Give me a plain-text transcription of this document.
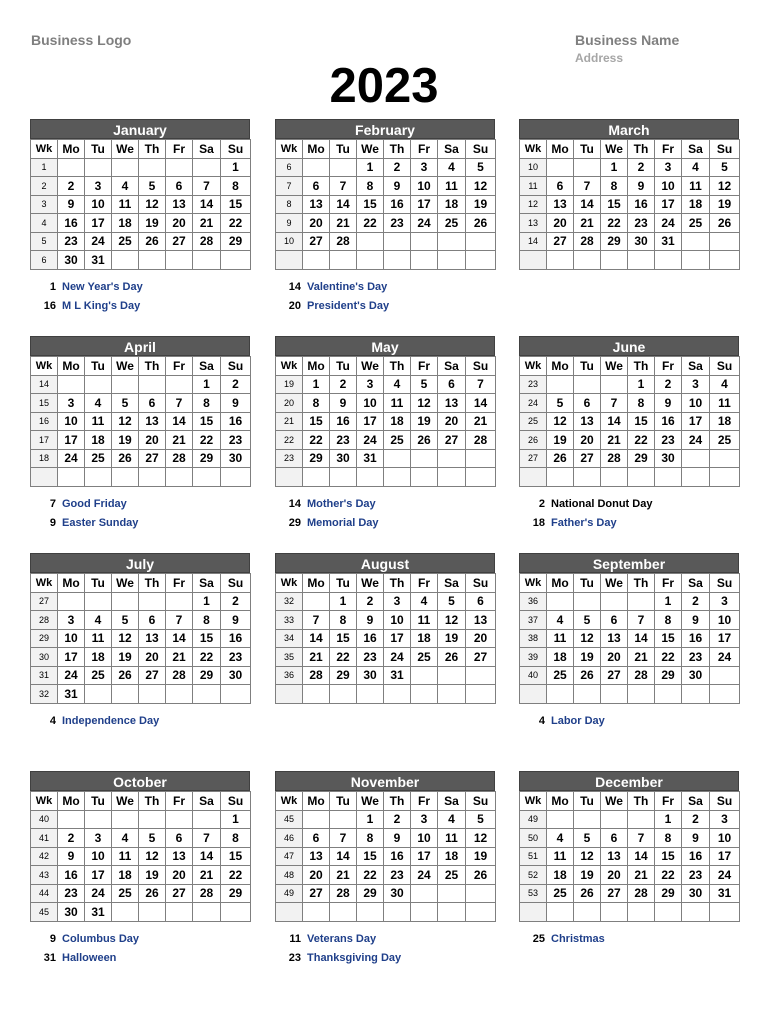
Business Logo	Business Name
Address
2023
January
Wk	Mo	Tu	We	Th	Fr	Sa	Su
1							1
2	2	3	4	5	6	7	8
3	9	10	11	12	13	14	15
4	16	17	18	19	20	21	22
5	23	24	25	26	27	28	29
6	30	31					
1 New Year's Day
16 M L King's Day
February
Wk	Mo	Tu	We	Th	Fr	Sa	Su
6			1	2	3	4	5
7	6	7	8	9	10	11	12
8	13	14	15	16	17	18	19
9	20	21	22	23	24	25	26
10	27	28					

14 Valentine's Day
20 President's Day
March
Wk	Mo	Tu	We	Th	Fr	Sa	Su
10			1	2	3	4	5
11	6	7	8	9	10	11	12
12	13	14	15	16	17	18	19
13	20	21	22	23	24	25	26
14	27	28	29	30	31		

April
Wk	Mo	Tu	We	Th	Fr	Sa	Su
14						1	2
15	3	4	5	6	7	8	9
16	10	11	12	13	14	15	16
17	17	18	19	20	21	22	23
18	24	25	26	27	28	29	30

7 Good Friday
9 Easter Sunday
May
Wk	Mo	Tu	We	Th	Fr	Sa	Su
19	1	2	3	4	5	6	7
20	8	9	10	11	12	13	14
21	15	16	17	18	19	20	21
22	22	23	24	25	26	27	28
23	29	30	31				

14 Mother's Day
29 Memorial Day
June
Wk	Mo	Tu	We	Th	Fr	Sa	Su
23				1	2	3	4
24	5	6	7	8	9	10	11
25	12	13	14	15	16	17	18
26	19	20	21	22	23	24	25
27	26	27	28	29	30		

2 National Donut Day
18 Father's Day
July
Wk	Mo	Tu	We	Th	Fr	Sa	Su
27						1	2
28	3	4	5	6	7	8	9
29	10	11	12	13	14	15	16
30	17	18	19	20	21	22	23
31	24	25	26	27	28	29	30
32	31						
4 Independence Day
August
Wk	Mo	Tu	We	Th	Fr	Sa	Su
32		1	2	3	4	5	6
33	7	8	9	10	11	12	13
34	14	15	16	17	18	19	20
35	21	22	23	24	25	26	27
36	28	29	30	31			

September
Wk	Mo	Tu	We	Th	Fr	Sa	Su
36					1	2	3
37	4	5	6	7	8	9	10
38	11	12	13	14	15	16	17
39	18	19	20	21	22	23	24
40	25	26	27	28	29	30	

4 Labor Day
October
Wk	Mo	Tu	We	Th	Fr	Sa	Su
40							1
41	2	3	4	5	6	7	8
42	9	10	11	12	13	14	15
43	16	17	18	19	20	21	22
44	23	24	25	26	27	28	29
45	30	31					
9 Columbus Day
31 Halloween
November
Wk	Mo	Tu	We	Th	Fr	Sa	Su
45			1	2	3	4	5
46	6	7	8	9	10	11	12
47	13	14	15	16	17	18	19
48	20	21	22	23	24	25	26
49	27	28	29	30			

11 Veterans Day
23 Thanksgiving Day
December
Wk	Mo	Tu	We	Th	Fr	Sa	Su
49					1	2	3
50	4	5	6	7	8	9	10
51	11	12	13	14	15	16	17
52	18	19	20	21	22	23	24
53	25	26	27	28	29	30	31

25 Christmas
